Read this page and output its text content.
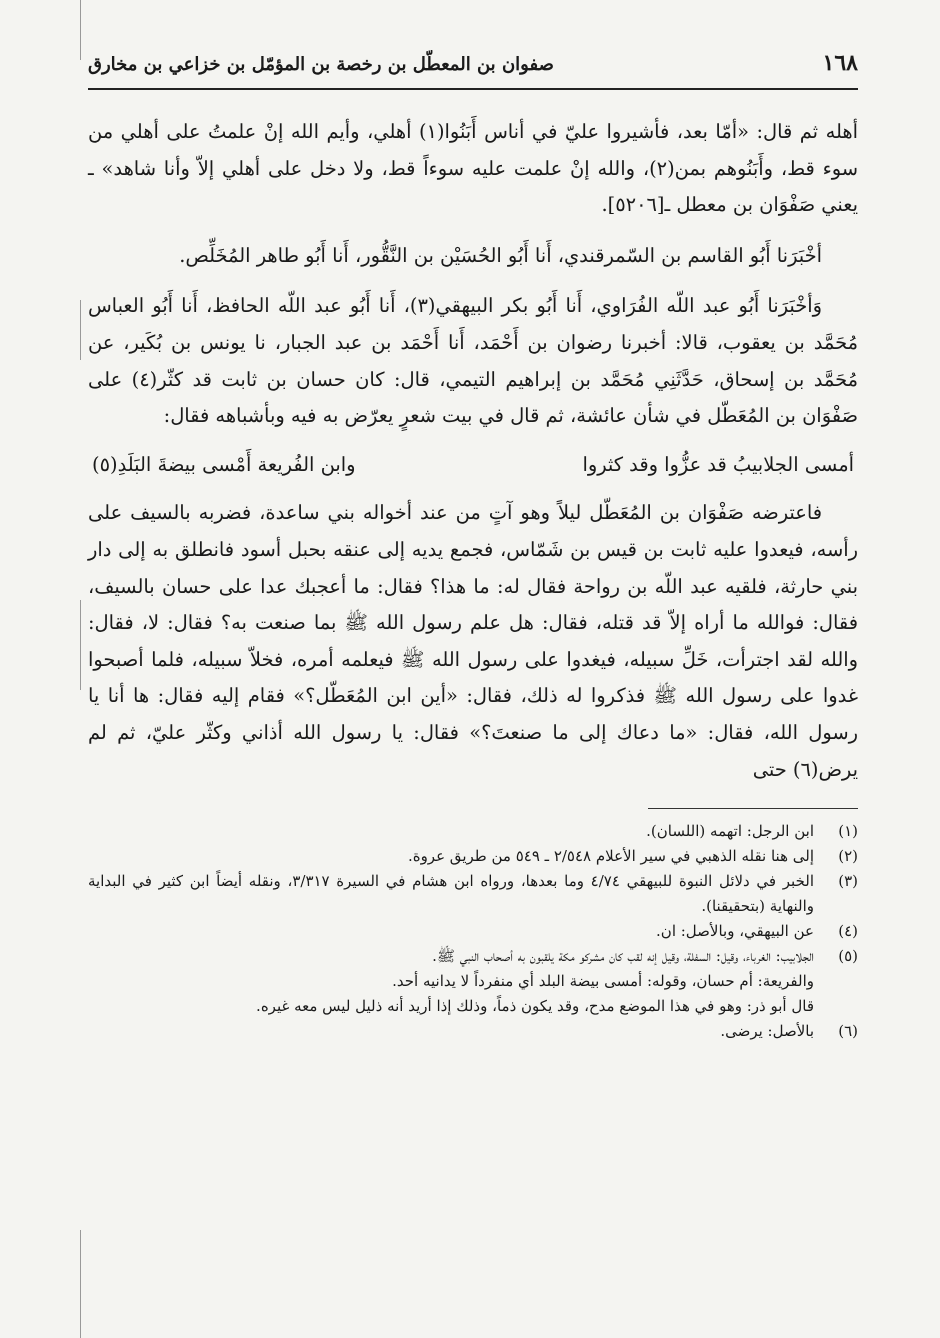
١٦٨
صفوان بن المعطّل بن رخصة بن المؤمّل بن خزاعي بن مخارق

أهله ثم قال: «أمّا بعد، فأشيروا عليّ في أناس أَبَنُوا(١) أهلي، وأيم الله إنْ علمتُ على أهلي من سوء قط، وأَبَنُوهم بمن(٢)، والله إنْ علمت عليه سوءاً قط، ولا دخل على أهلي إلاّ وأنا شاهد» ـ يعني صَفْوَان بن معطل ـ[٥٢٠٦].

أخْبَرَنا أَبُو القاسم بن السّمرقندي، أَنا أَبُو الحُسَيْن بن النَّقُّور، أَنا أَبُو طاهر المُخَلِّص.

وَأخْبَرَنا أَبُو عبد اللّه الفُرَاوي، أَنا أَبُو بكر البيهقي(٣)، أَنا أَبُو عبد اللّه الحافظ، أَنا أَبُو العباس مُحَمَّد بن يعقوب، قالا: أخبرنا رضوان بن أَحْمَد، أَنا أَحْمَد بن عبد الجبار، نا يونس بن بُكَير، عن مُحَمَّد بن إسحاق، حَدَّثَنِي مُحَمَّد بن إبراهيم التيمي، قال: كان حسان بن ثابت قد كثّر(٤) على صَفْوَان بن المُعَطّل في شأن عائشة، ثم قال في بيت شعرٍ يعرّض به فيه وبأشباهه فقال:

أمسى الجلابيبُ قد عزُّوا وقد كثروا
وابن الفُريعة أَمْسى بيضةَ البَلَدِ(٥)

فاعترضه صَفْوَان بن المُعَطّل ليلاً وهو آتٍ من عند أخواله بني ساعدة، فضربه بالسيف على رأسه، فيعدوا عليه ثابت بن قيس بن شَمّاس، فجمع يديه إلى عنقه بحبل أسود فانطلق به إلى دار بني حارثة، فلقيه عبد اللّه بن رواحة فقال له: ما هذا؟ فقال: ما أعجبك عدا على حسان بالسيف، فقال: فوالله ما أراه إلاّ قد قتله، فقال: هل علم رسول الله ﷺ بما صنعت به؟ فقال: لا، فقال: والله لقد اجترأت، خَلِّ سبيله، فيغدوا على رسول الله ﷺ فيعلمه أمره، فخلاّ سبيله، فلما أصبحوا غدوا على رسول الله ﷺ فذكروا له ذلك، فقال: «أين ابن المُعَطّل؟» فقام إليه فقال: ها أنا يا رسول الله، فقال: «ما دعاك إلى ما صنعتَ؟» فقال: يا رسول الله أذاني وكثّر عليّ، ثم لم يرض(٦) حتى

(١)
ابن الرجل: اتهمه (اللسان).
(٢)
إلى هنا نقله الذهبي في سير الأعلام ٢/٥٤٨ ـ ٥٤٩ من طريق عروة.
(٣)
الخبر في دلائل النبوة للبيهقي ٤/٧٤ وما بعدها، ورواه ابن هشام في السيرة ٣/٣١٧، ونقله أيضاً ابن كثير في البداية والنهاية (بتحقيقنا).
(٤)
عن البيهقي، وبالأصل: ان.
(٥)
الجلابيب: الغرباء، وقيل: السفلة، وقيل إنه لقب كان مشركو مكة يلقبون به أصحاب النبي ﷺ.
والفريعة: أم حسان، وقوله: أمسى بيضة البلد أي منفرداً لا يدانيه أحد.
قال أبو ذر: وهو في هذا الموضع مدح، وقد يكون ذماً، وذلك إذا أريد أنه ذليل ليس معه غيره.
(٦)
بالأصل: يرضى.
